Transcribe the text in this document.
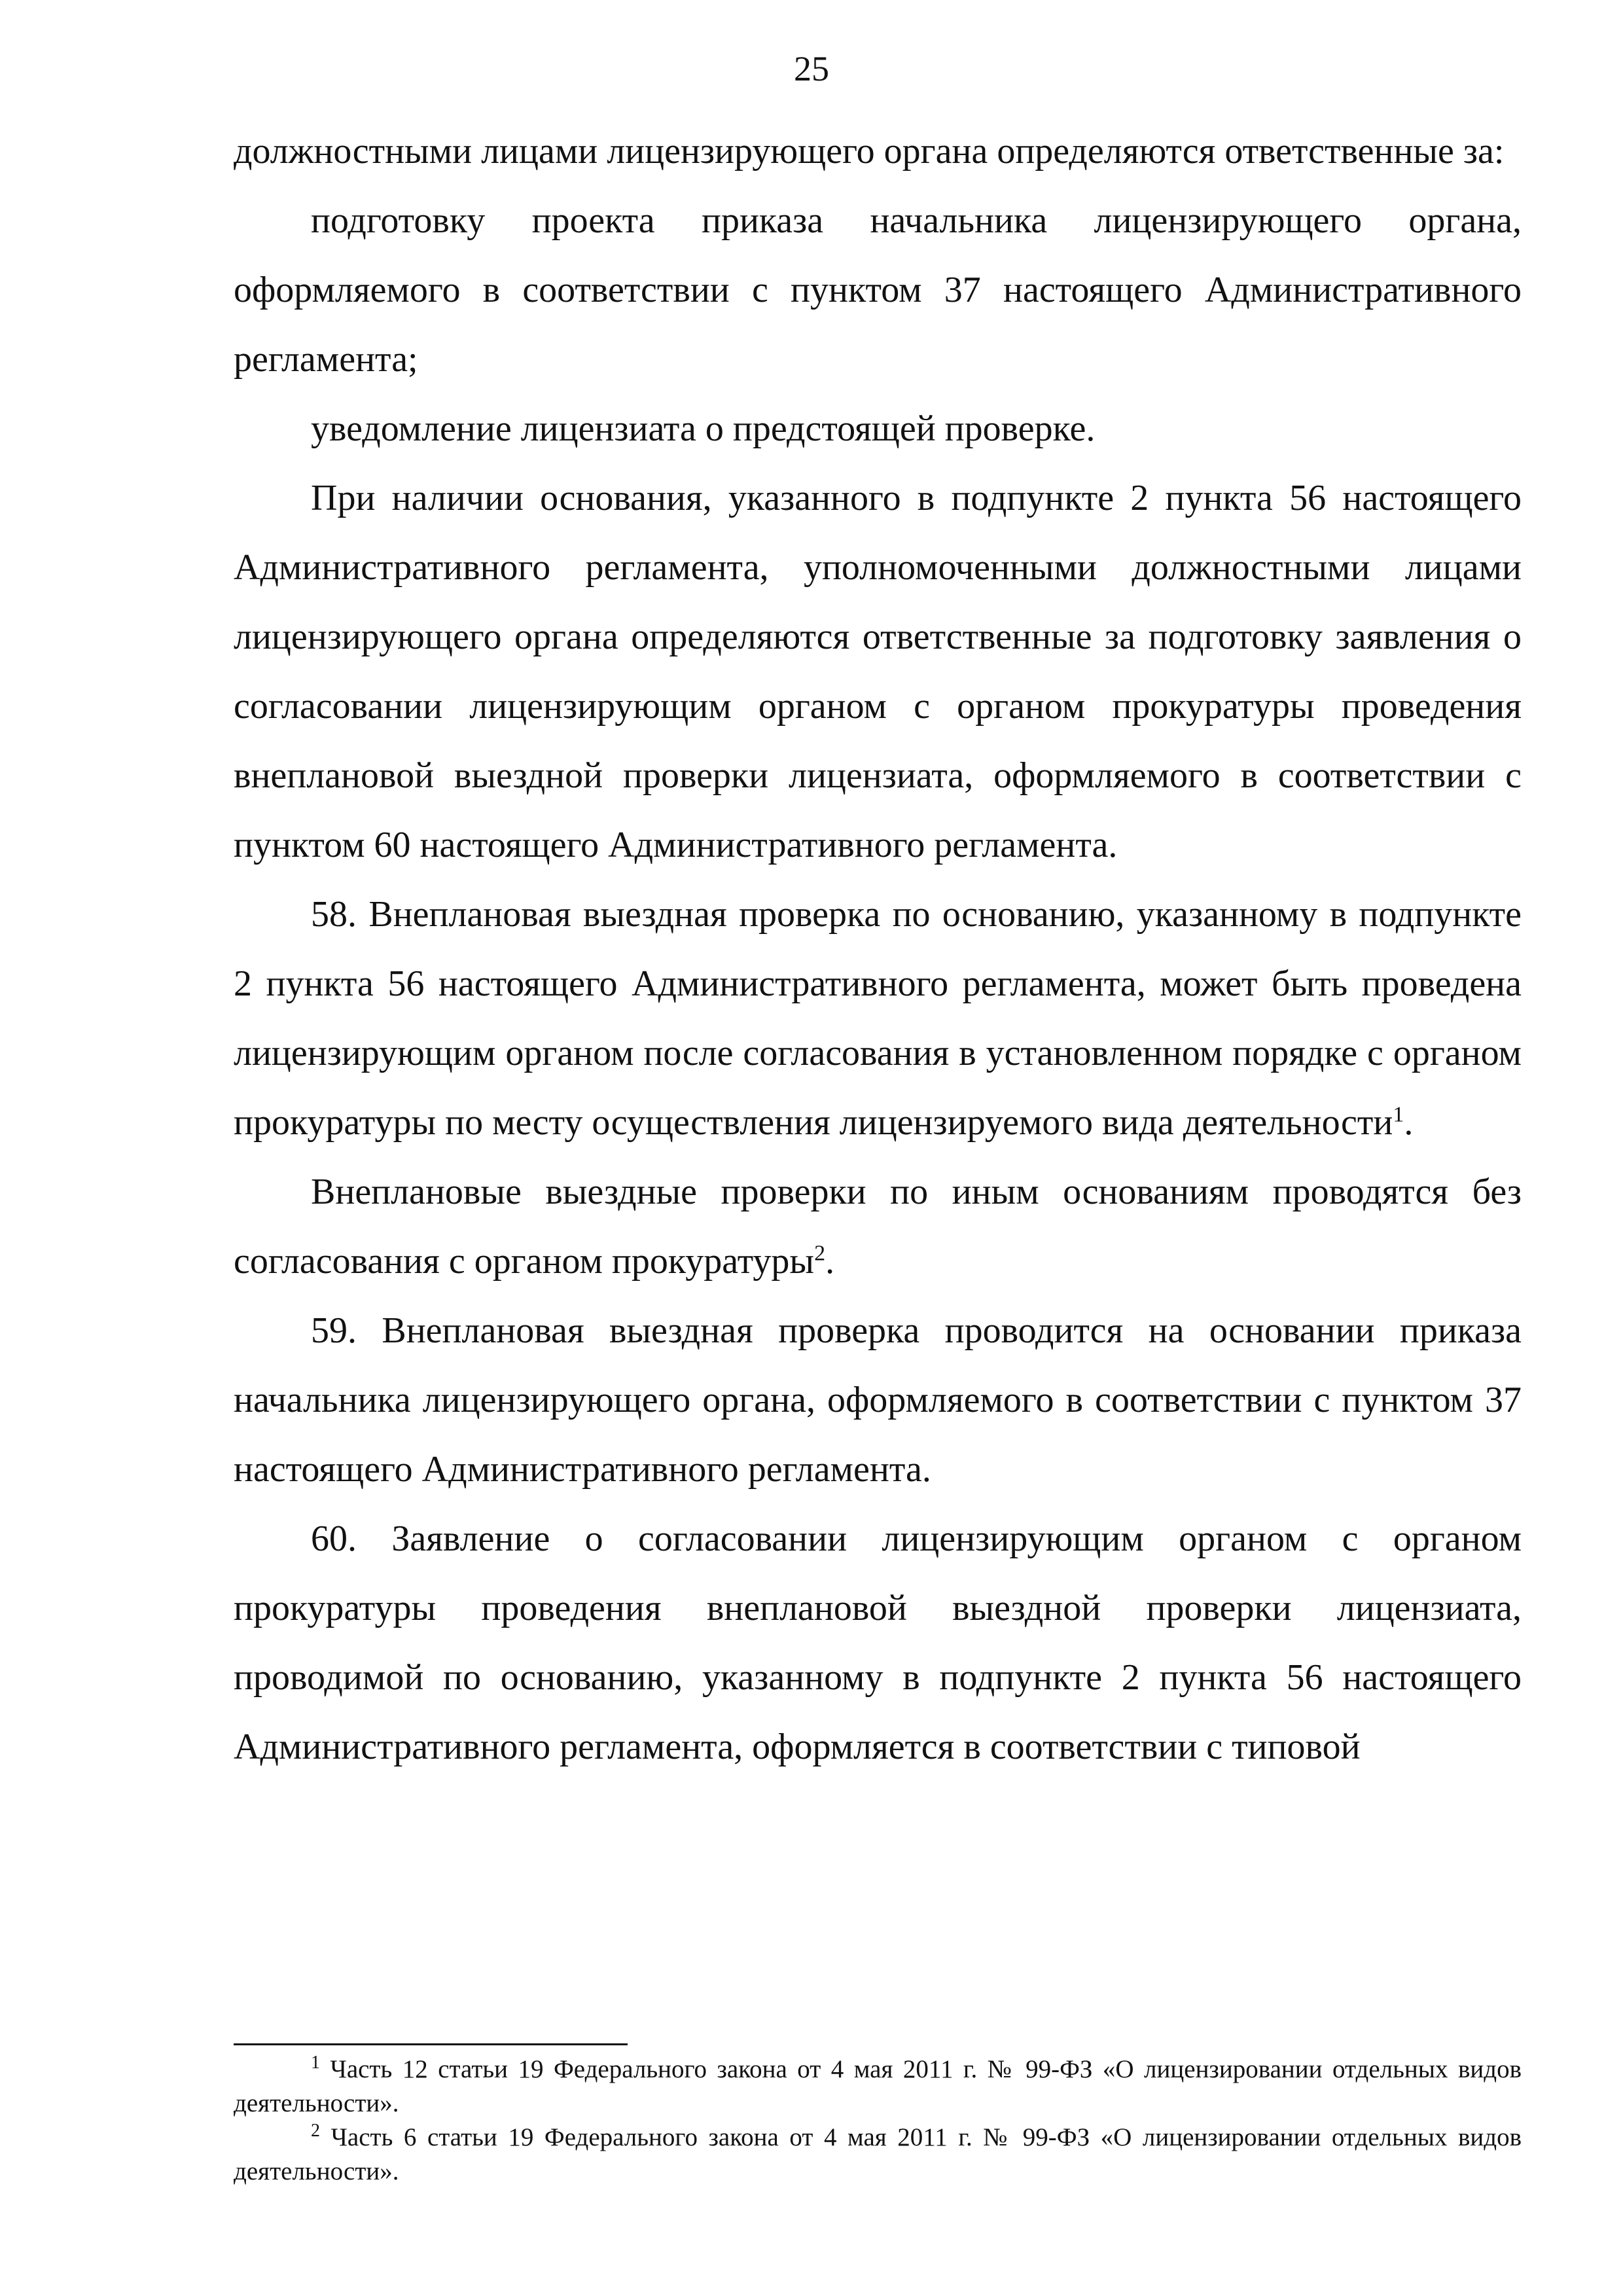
25

должностными лицами лицензирующего органа определяются ответственные за:

подготовку проекта приказа начальника лицензирующего органа, оформляемого в соответствии с пунктом 37 настоящего Административного регламента;

уведомление лицензиата о предстоящей проверке.

При наличии основания, указанного в подпункте 2 пункта 56 настоящего Административного регламента, уполномоченными должностными лицами лицензирующего органа определяются ответственные за подготовку заявления о согласовании лицензирующим органом с органом прокуратуры проведения внеплановой выездной проверки лицензиата, оформляемого в соответствии с пунктом 60 настоящего Административного регламента.

58. Внеплановая выездная проверка по основанию, указанному в подпункте 2 пункта 56 настоящего Административного регламента, может быть проведена лицензирующим органом после согласования в установленном порядке с органом прокуратуры по месту осуществления лицензируемого вида деятельности$^1$.

Внеплановые выездные проверки по иным основаниям проводятся без согласования с органом прокуратуры$^2$.

59. Внеплановая выездная проверка проводится на основании приказа начальника лицензирующего органа, оформляемого в соответствии с пунктом 37 настоящего Административного регламента.

60. Заявление о согласовании лицензирующим органом с органом прокуратуры проведения внеплановой выездной проверки лицензиата, проводимой по основанию, указанному в подпункте 2 пункта 56 настоящего Административного регламента, оформляется в соответствии с типовой

$^1$ Часть 12 статьи 19 Федерального закона от 4 мая 2011 г. № 99-ФЗ «О лицензировании отдельных видов деятельности».

$^2$ Часть 6 статьи 19 Федерального закона от 4 мая 2011 г. № 99-ФЗ «О лицензировании отдельных видов деятельности».
